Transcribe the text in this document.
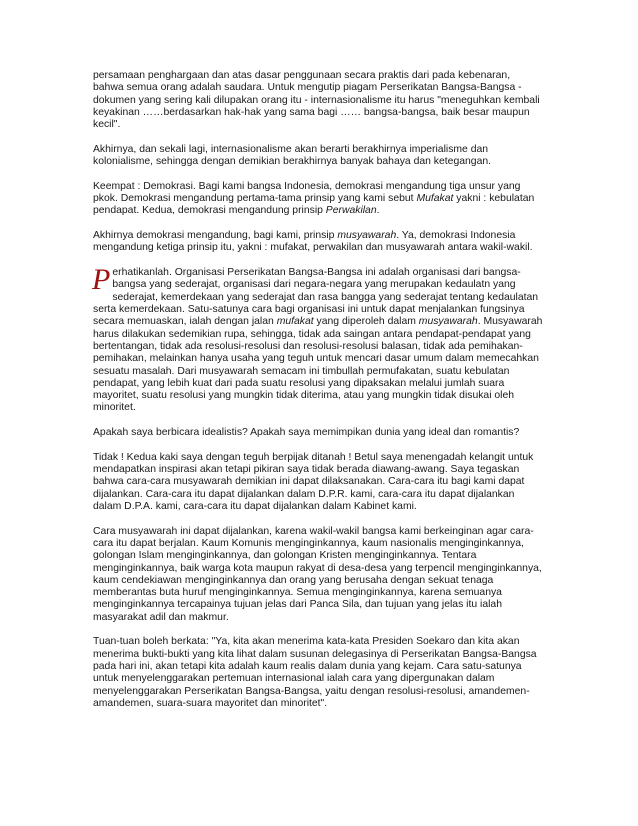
persamaan penghargaan dan atas dasar penggunaan secara praktis dari pada kebenaran, bahwa semua orang adalah saudara. Untuk mengutip piagam Perserikatan Bangsa-Bangsa - dokumen yang sering kali dilupakan orang itu - internasionalisme itu harus "meneguhkan kembali keyakinan ……berdasarkan hak-hak yang sama bagi …… bangsa-bangsa, baik besar maupun kecil".

Akhirnya, dan sekali lagi, internasionalisme akan berarti berakhirnya imperialisme dan kolonialisme, sehingga dengan demikian berakhirnya banyak bahaya dan ketegangan.

Keempat : Demokrasi. Bagi kami bangsa Indonesia, demokrasi mengandung tiga unsur yang pkok. Demokrasi mengandung pertama-tama prinsip yang kami sebut Mufakat yakni : kebulatan pendapat. Kedua, demokrasi mengandung prinsip Perwakilan.

Akhirnya demokrasi mengandung, bagi kami, prinsip musyawarah. Ya, demokrasi Indonesia mengandung ketiga prinsip itu, yakni : mufakat, perwakilan dan musyawarah antara wakil-wakil.

Perhatikanlah. Organisasi Perserikatan Bangsa-Bangsa ini adalah organisasi dari bangsa-bangsa yang sederajat, organisasi dari negara-negara yang merupakan kedaulatn yang sederajat, kemerdekaan yang sederajat dan rasa bangga yang sederajat tentang kedaulatan serta kemerdekaan. Satu-satunya cara bagi organisasi ini untuk dapat menjalankan fungsinya secara memuaskan, ialah dengan jalan mufakat yang diperoleh dalam musyawarah. Musyawarah harus dilakukan sedemikian rupa, sehingga, tidak ada saingan antara pendapat-pendapat yang bertentangan, tidak ada resolusi-resolusi dan resolusi-resolusi balasan, tidak ada pemihakan-pemihakan, melainkan hanya usaha yang teguh untuk mencari dasar umum dalam memecahkan sesuatu masalah. Dari musyawarah semacam ini timbullah permufakatan, suatu kebulatan pendapat, yang lebih kuat dari pada suatu resolusi yang dipaksakan melalui jumlah suara mayoritet, suatu resolusi yang mungkin tidak diterima, atau yang mungkin tidak disukai oleh minoritet.

Apakah saya berbicara idealistis? Apakah saya memimpikan dunia yang ideal dan romantis?

Tidak ! Kedua kaki saya dengan teguh berpijak ditanah ! Betul saya menengadah kelangit untuk mendapatkan inspirasi akan tetapi pikiran saya tidak berada diawang-awang. Saya tegaskan bahwa cara-cara musyawarah demikian ini dapat dilaksanakan. Cara-cara itu bagi kami dapat dijalankan. Cara-cara itu dapat dijalankan dalam D.P.R. kami, cara-cara itu dapat dijalankan dalam D.P.A. kami, cara-cara itu dapat dijalankan dalam Kabinet kami.

Cara musyawarah ini dapat dijalankan, karena wakil-wakil bangsa kami berkeinginan agar cara-cara itu dapat berjalan. Kaum Komunis menginginkannya, kaum nasionalis menginginkannya, golongan Islam menginginkannya, dan golongan Kristen menginginkannya. Tentara menginginkannya, baik warga kota maupun rakyat di desa-desa yang terpencil menginginkannya, kaum cendekiawan menginginkannya dan orang yang berusaha dengan sekuat tenaga memberantas buta huruf menginginkannya. Semua menginginkannya, karena semuanya menginginkannya tercapainya tujuan jelas dari Panca Sila, dan tujuan yang jelas itu ialah masyarakat adil dan makmur.

Tuan-tuan boleh berkata: "Ya, kita akan menerima kata-kata Presiden Soekaro dan kita akan menerima bukti-bukti yang kita lihat dalam susunan delegasinya di Perserikatan Bangsa-Bangsa pada hari ini, akan tetapi kita adalah kaum realis dalam dunia yang kejam. Cara satu-satunya untuk menyelenggarakan pertemuan internasional ialah cara yang dipergunakan dalam menyelenggarakan Perserikatan Bangsa-Bangsa, yaitu dengan resolusi-resolusi, amandemen-amandemen, suara-suara mayoritet dan minoritet".
